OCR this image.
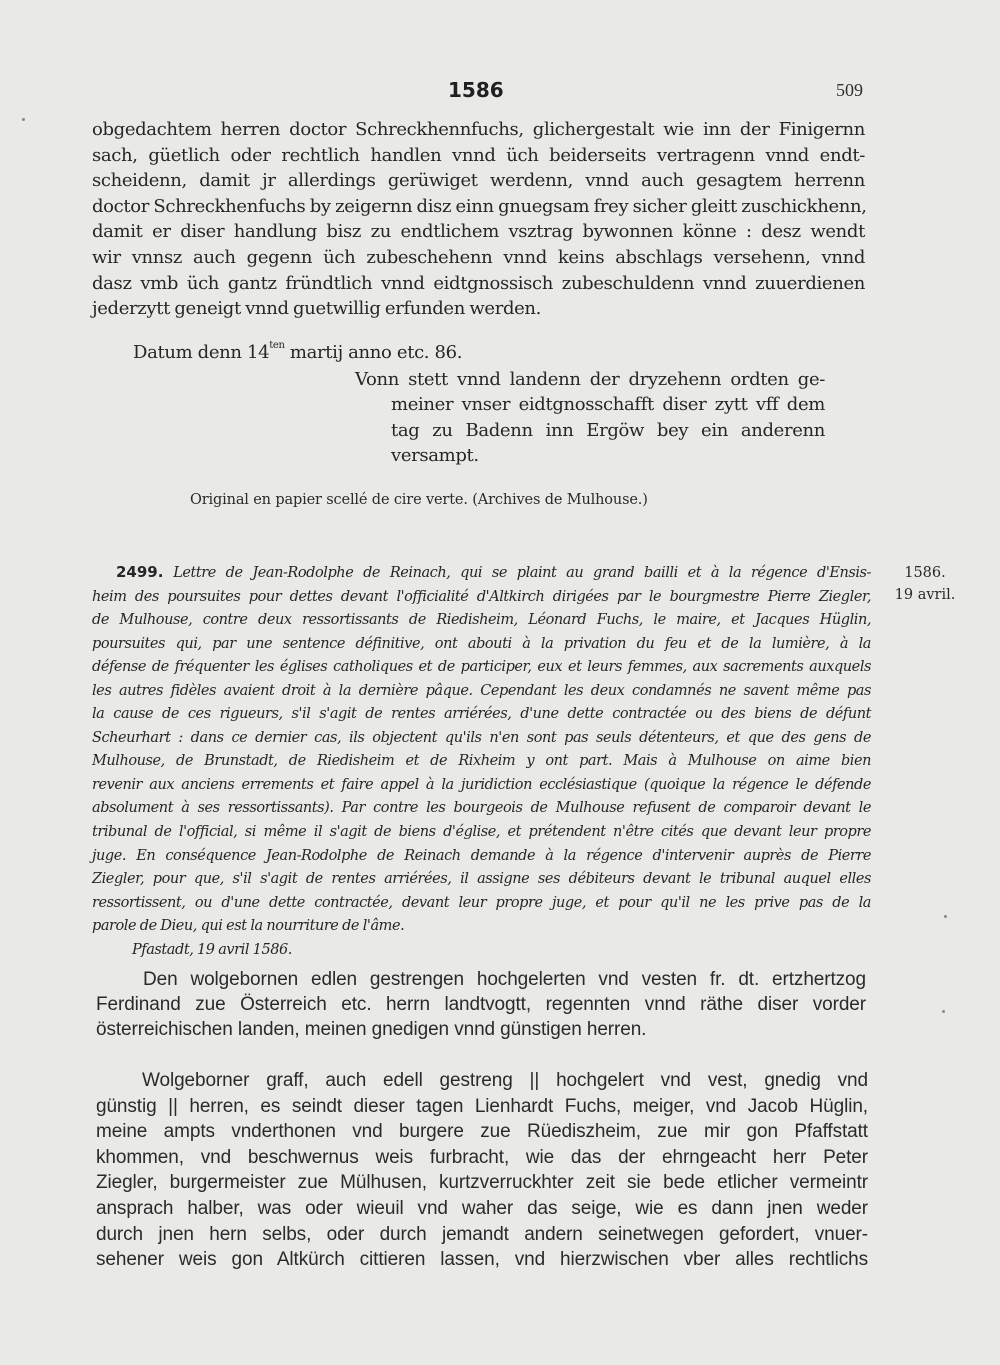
1586	509
obgedachtem herren doctor Schreckhennfuchs, glichergestalt wie inn der Finigernn
sach, güetlich oder rechtlich handlen vnnd üch beiderseits vertragenn vnnd endt-
scheidenn, damit jr allerdings gerüwiget werdenn, vnnd auch gesagtem herrenn
doctor Schreckhenfuchs by zeigernn disz einn gnuegsam frey sicher gleitt zuschickhenn,
damit er diser handlung bisz zu endtlichem vsztrag bywonnen könne : desz wendt
wir vnnsz auch gegenn üch zubeschehenn vnnd keins abschlags versehenn, vnnd
dasz vmb üch gantz fründtlich vnnd eidtgnossisch zubeschuldenn vnnd zuuerdienen
jederzytt geneigt vnnd guetwillig erfunden werden.
Datum denn $14^{ten}$ martij anno etc. 86.
Vonn stett vnnd landenn der dryzehenn ordten ge-
meiner vnser eidtgnosschafft diser zytt vff dem
tag zu Badenn inn Ergöw bey ein anderenn
versampt.
Original en papier scellé de cire verte. (Archives de Mulhouse.)
2499. Lettre de Jean-Rodolphe de Reinach, qui se plaint au grand bailli et à la régence d'Ensis-
heim des poursuites pour dettes devant l'officialité d'Altkirch dirigées par le bourgmestre Pierre Ziegler,
de Mulhouse, contre deux ressortissants de Riedisheim, Léonard Fuchs, le maire, et Jacques Hüglin,
poursuites qui, par une sentence définitive, ont abouti à la privation du feu et de la lumière, à la
défense de fréquenter les églises catholiques et de participer, eux et leurs femmes, aux sacrements auxquels
les autres fidèles avaient droit à la dernière pâque. Cependant les deux condamnés ne savent même pas
la cause de ces rigueurs, s'il s'agit de rentes arriérées, d'une dette contractée ou des biens de défunt
Scheurhart : dans ce dernier cas, ils objectent qu'ils n'en sont pas seuls détenteurs, et que des gens de
Mulhouse, de Brunstadt, de Riedisheim et de Rixheim y ont part. Mais à Mulhouse on aime bien
revenir aux anciens errements et faire appel à la juridiction ecclésiastique (quoique la régence le défende
absolument à ses ressortissants). Par contre les bourgeois de Mulhouse refusent de comparoir devant le
tribunal de l'official, si même il s'agit de biens d'église, et prétendent n'être cités que devant leur propre
juge. En conséquence Jean-Rodolphe de Reinach demande à la régence d'intervenir auprès de Pierre
Ziegler, pour que, s'il s'agit de rentes arriérées, il assigne ses débiteurs devant le tribunal auquel elles
ressortissent, ou d'une dette contractée, devant leur propre juge, et pour qu'il ne les prive pas de la
parole de Dieu, qui est la nourriture de l'âme.
Pfastadt, 19 avril 1586.
1586.
19 avril.
Den wolgebornen edlen gestrengen hochgelerten vnd vesten fr. dt. ertzhertzog
Ferdinand zue Österreich etc. herrn landtvogtt, regennten vnnd räthe diser vorder
österreichischen landen, meinen gnedigen vnnd günstigen herren.
Wolgeborner graff, auch edell gestreng || hochgelert vnd vest, gnedig vnd
günstig || herren, es seindt dieser tagen Lienhardt Fuchs, meiger, vnd Jacob Hüglin,
meine ampts vnderthonen vnd burgere zue Rüediszheim, zue mir gon Pfaffstatt
khommen, vnd beschwernus weis furbracht, wie das der ehrngeacht herr Peter
Ziegler, burgermeister zue Mülhusen, kurtzverruckhter zeit sie bede etlicher vermeintr
ansprach halber, was oder wieuil vnd waher das seige, wie es dann jnen weder
durch jnen hern selbs, oder durch jemandt andern seinetwegen gefordert, vnuer-
sehener weis gon Altkürch cittieren lassen, vnd hierzwischen vber alles rechtlichs
